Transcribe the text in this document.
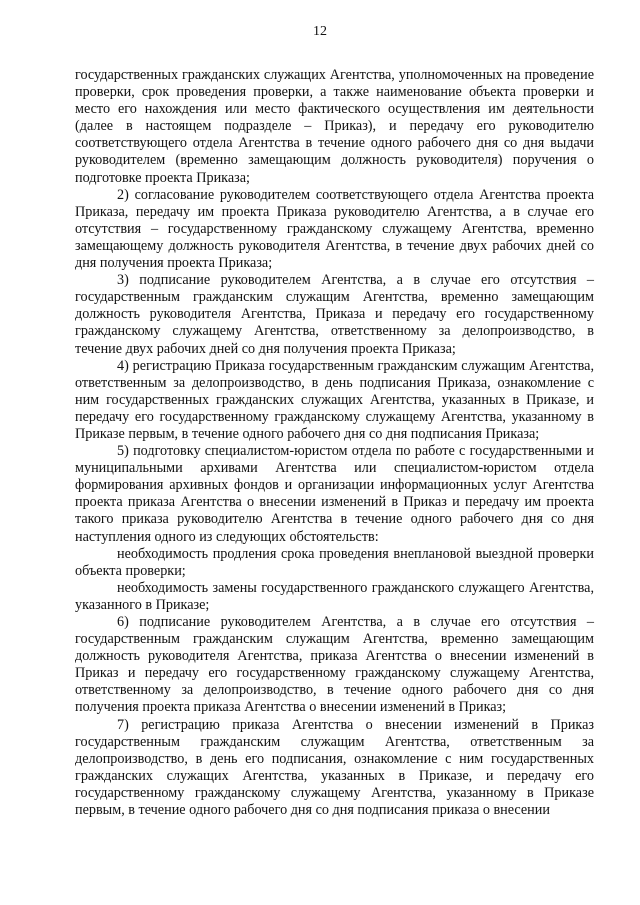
12

государственных гражданских служащих Агентства, уполномоченных на проведение проверки, срок проведения проверки, а также наименование объекта проверки и место его нахождения или место фактического осуществления им деятельности (далее в настоящем подразделе – Приказ), и передачу его руководителю соответствующего отдела Агентства в течение одного рабочего дня со дня выдачи руководителем (временно замещающим должность руководителя) поручения о подготовке проекта Приказа;

2) согласование руководителем соответствующего отдела Агентства проекта Приказа, передачу им проекта Приказа руководителю Агентства, а в случае его отсутствия – государственному гражданскому служащему Агентства, временно замещающему должность руководителя Агентства, в течение двух рабочих дней со дня получения проекта Приказа;

3) подписание руководителем Агентства, а в случае его отсутствия – государственным гражданским служащим Агентства, временно замещающим должность руководителя Агентства, Приказа и передачу его государственному гражданскому служащему Агентства, ответственному за делопроизводство, в течение двух рабочих дней со дня получения проекта Приказа;

4) регистрацию Приказа государственным гражданским служащим Агентства, ответственным за делопроизводство, в день подписания Приказа, ознакомление с ним государственных гражданских служащих Агентства, указанных в Приказе, и передачу его государственному гражданскому служащему Агентства, указанному в Приказе первым, в течение одного рабочего дня со дня подписания Приказа;

5) подготовку специалистом-юристом отдела по работе с государственными и муниципальными архивами Агентства или специалистом-юристом отдела формирования архивных фондов и организации информационных услуг Агентства проекта приказа Агентства о внесении изменений в Приказ и передачу им проекта такого приказа руководителю Агентства в течение одного рабочего дня со дня наступления одного из следующих обстоятельств:

необходимость продления срока проведения внеплановой выездной проверки объекта проверки;

необходимость замены государственного гражданского служащего Агентства, указанного в Приказе;

6) подписание руководителем Агентства, а в случае его отсутствия – государственным гражданским служащим Агентства, временно замещающим должность руководителя Агентства, приказа Агентства о внесении изменений в Приказ и передачу его государственному гражданскому служащему Агентства, ответственному за делопроизводство, в течение одного рабочего дня со дня получения проекта приказа Агентства о внесении изменений в Приказ;

7) регистрацию приказа Агентства о внесении изменений в Приказ государственным гражданским служащим Агентства, ответственным за делопроизводство, в день его подписания, ознакомление с ним государственных гражданских служащих Агентства, указанных в Приказе, и передачу его государственному гражданскому служащему Агентства, указанному в Приказе первым, в течение одного рабочего дня со дня подписания приказа о внесении
